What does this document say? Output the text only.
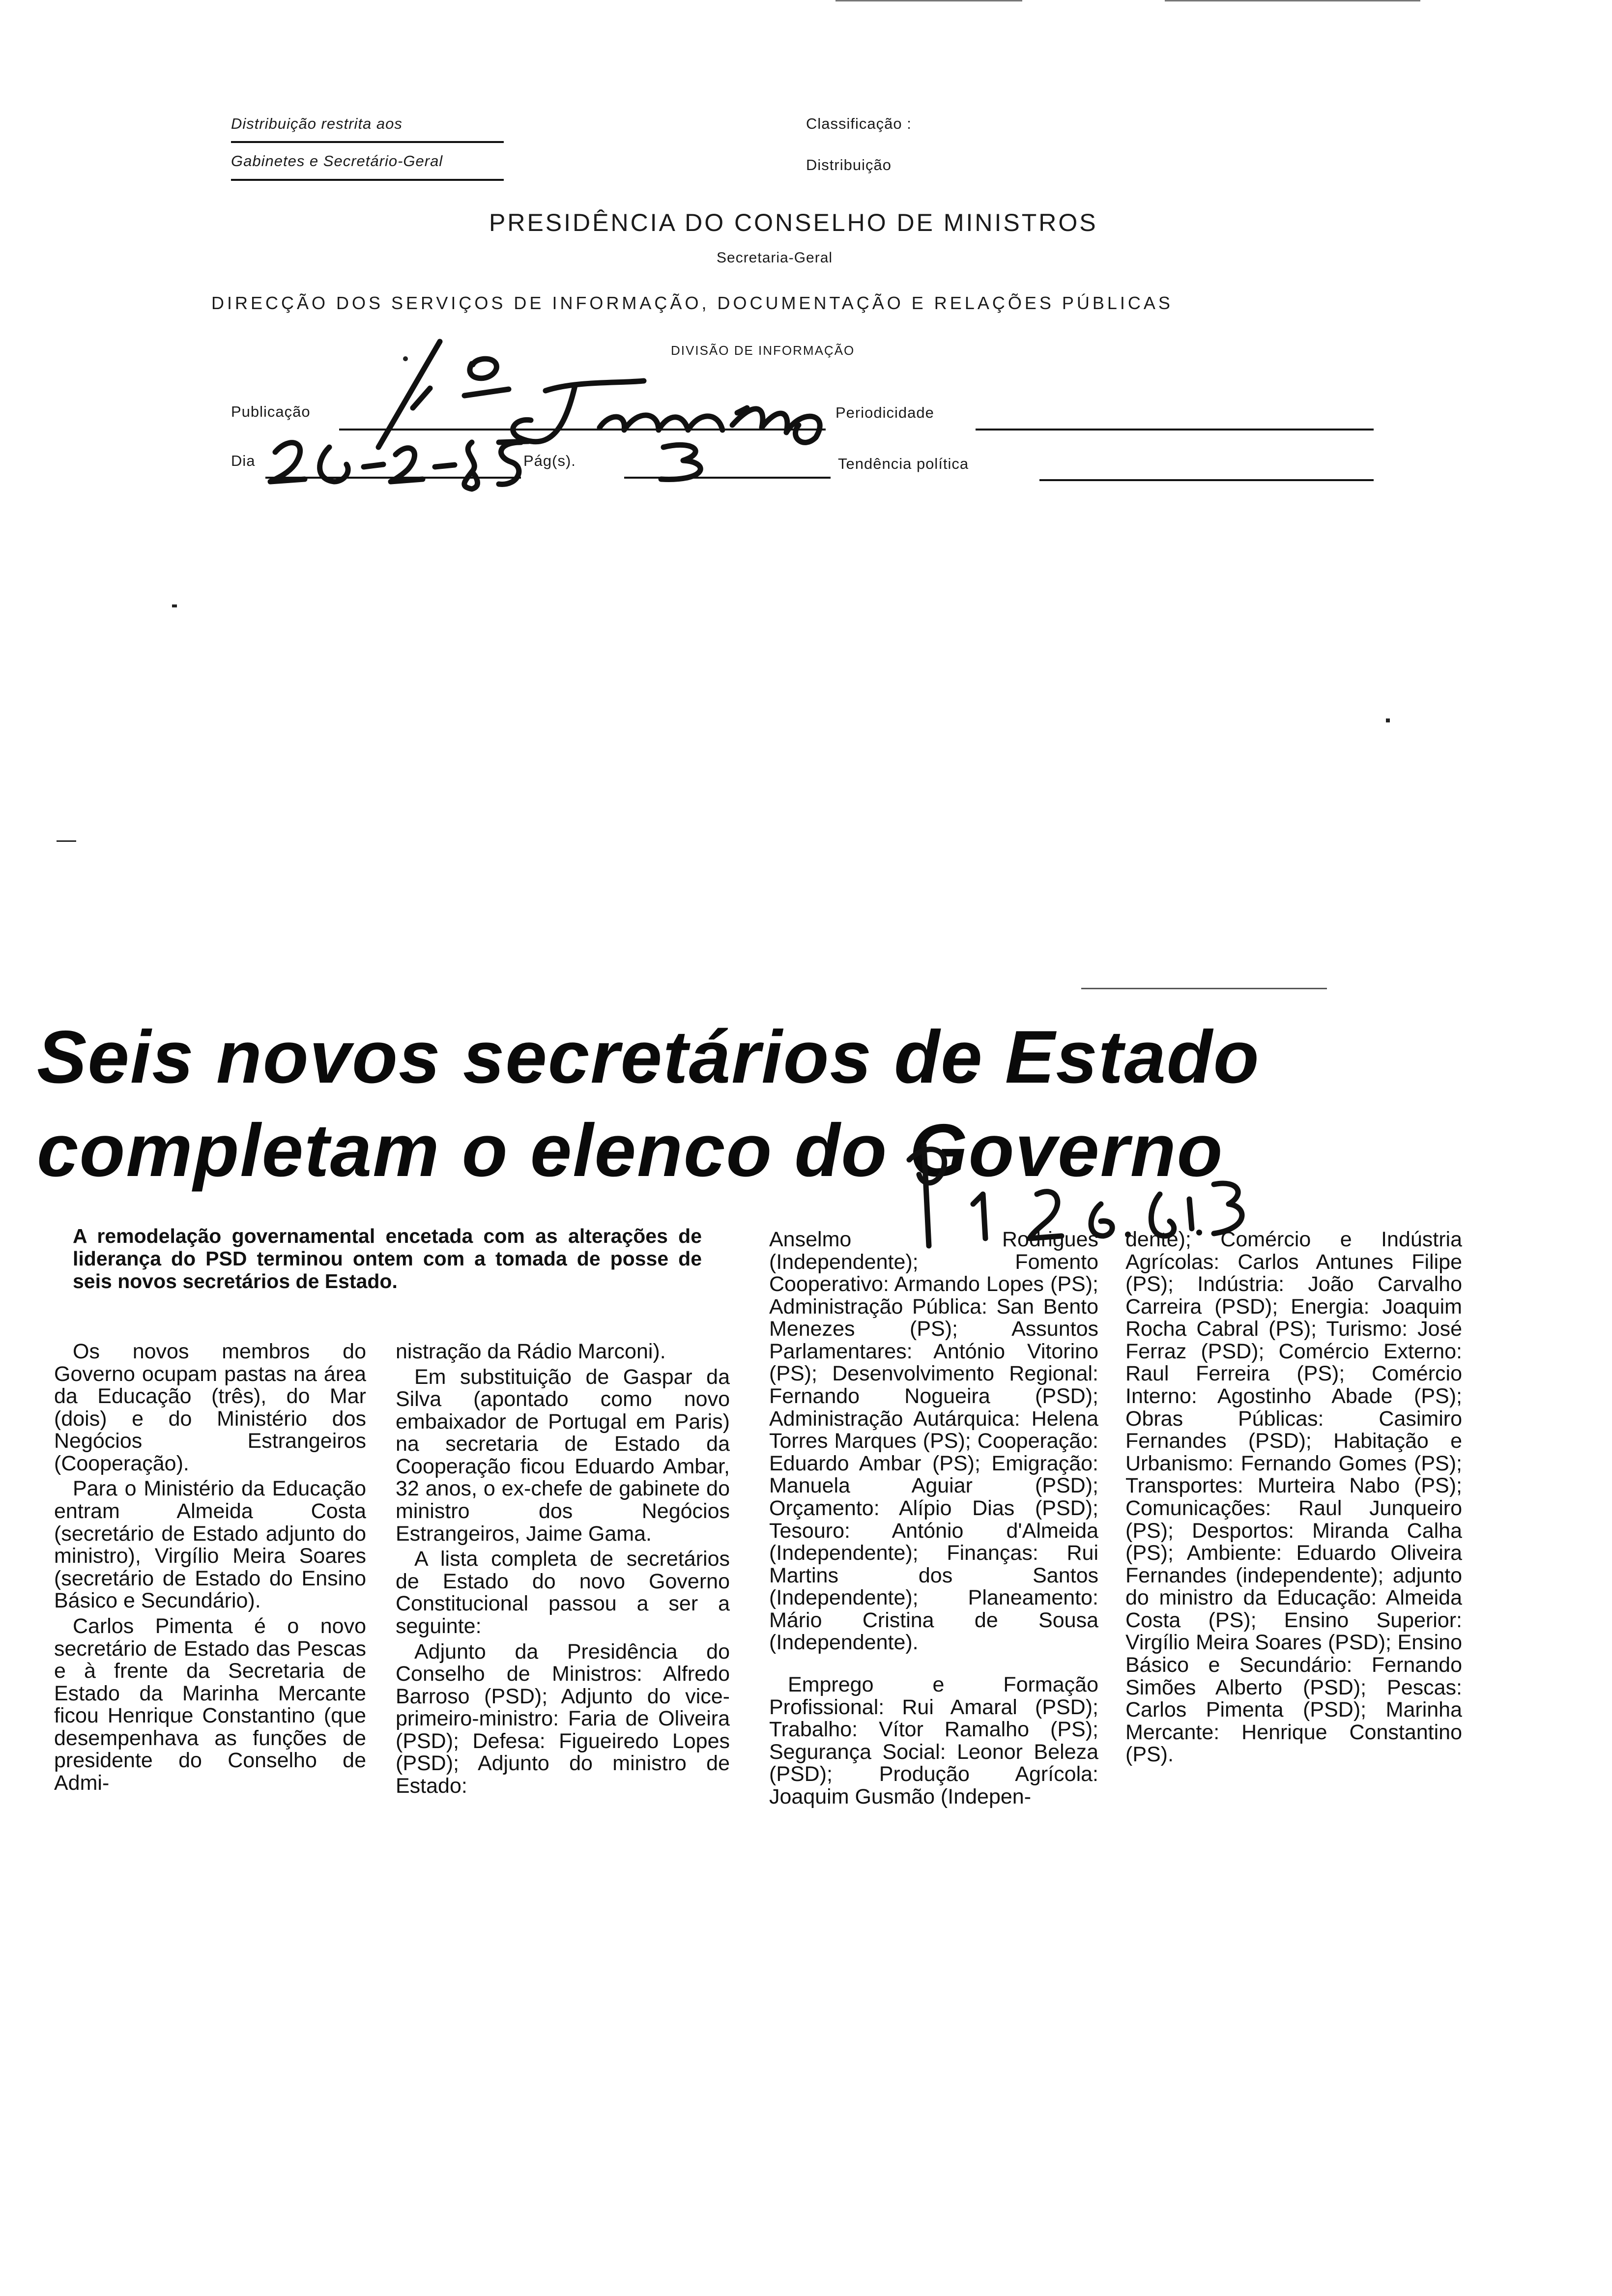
Distribuição restrita aos
Gabinetes e Secretário-Geral
Classificação :
Distribuição
PRESIDÊNCIA DO CONSELHO DE MINISTROS
Secretaria-Geral
DIRECÇÃO DOS SERVIÇOS DE INFORMAÇÃO, DOCUMENTAÇÃO E RELAÇÕES PÚBLICAS
DIVISÃO DE INFORMAÇÃO
Publicação	Periodicidade
Dia	Pág(s).	Tendência política
Seis novos secretários de Estado
completam o elenco do Governo
A remodelação governamental encetada com as alterações de liderança do PSD terminou ontem com a tomada de posse de seis novos secretários de Estado.

Os novos membros do Governo ocupam pastas na área da Educação (três), do Mar (dois) e do Ministério dos Negócios Estrangeiros (Cooperação).

Para o Ministério da Educação entram Almeida Costa (secretário de Estado adjunto do ministro), Virgílio Meira Soares (secretário de Estado do Ensino Básico e Secundário).

Carlos Pimenta é o novo secretário de Estado das Pescas e à frente da Secretaria de Estado da Marinha Mercante ficou Henrique Constantino (que desempenhava as funções de presidente do Conselho de Admi-

nistração da Rádio Marconi).

Em substituição de Gaspar da Silva (apontado como novo embaixador de Portugal em Paris) na secretaria de Estado da Cooperação ficou Eduardo Ambar, 32 anos, o ex-chefe de gabinete do ministro dos Negócios Estrangeiros, Jaime Gama.

A lista completa de secretários de Estado do novo Governo Constitucional passou a ser a seguinte:

Adjunto da Presidência do Conselho de Ministros: Alfredo Barroso (PSD); Adjunto do vice-primeiro-ministro: Faria de Oliveira (PSD); Defesa: Figueiredo Lopes (PSD); Adjunto do ministro de Estado:

Anselmo Rodrigues (Independente); Fomento Cooperativo: Armando Lopes (PS); Administração Pública: San Bento Menezes (PS); Assuntos Parlamentares: António Vitorino (PS); Desenvolvimento Regional: Fernando Nogueira (PSD); Administração Autárquica: Helena Torres Marques (PS); Cooperação: Eduardo Ambar (PS); Emigração: Manuela Aguiar (PSD); Orçamento: Alípio Dias (PSD); Tesouro: António d'Almeida (Independente); Finanças: Rui Martins dos Santos (Independente); Planeamento: Mário Cristina de Sousa (Independente).

Emprego e Formação Profissional: Rui Amaral (PSD); Trabalho: Vítor Ramalho (PS); Segurança Social: Leonor Beleza (PSD); Produção Agrícola: Joaquim Gusmão (Indepen-

dente); Comércio e Indústria Agrícolas: Carlos Antunes Filipe (PS); Indústria: João Carvalho Carreira (PSD); Energia: Joaquim Rocha Cabral (PS); Turismo: José Ferraz (PSD); Comércio Externo: Raul Ferreira (PS); Comércio Interno: Agostinho Abade (PS); Obras Públicas: Casimiro Fernandes (PSD); Habitação e Urbanismo: Fernando Gomes (PS); Transportes: Murteira Nabo (PS); Comunicações: Raul Junqueiro (PS); Desportos: Miranda Calha (PS); Ambiente: Eduardo Oliveira Fernandes (independente); adjunto do ministro da Educação: Almeida Costa (PS); Ensino Superior: Virgílio Meira Soares (PSD); Ensino Básico e Secundário: Fernando Simões Alberto (PSD); Pescas: Carlos Pimenta (PSD); Marinha Mercante: Henrique Constantino (PS).
